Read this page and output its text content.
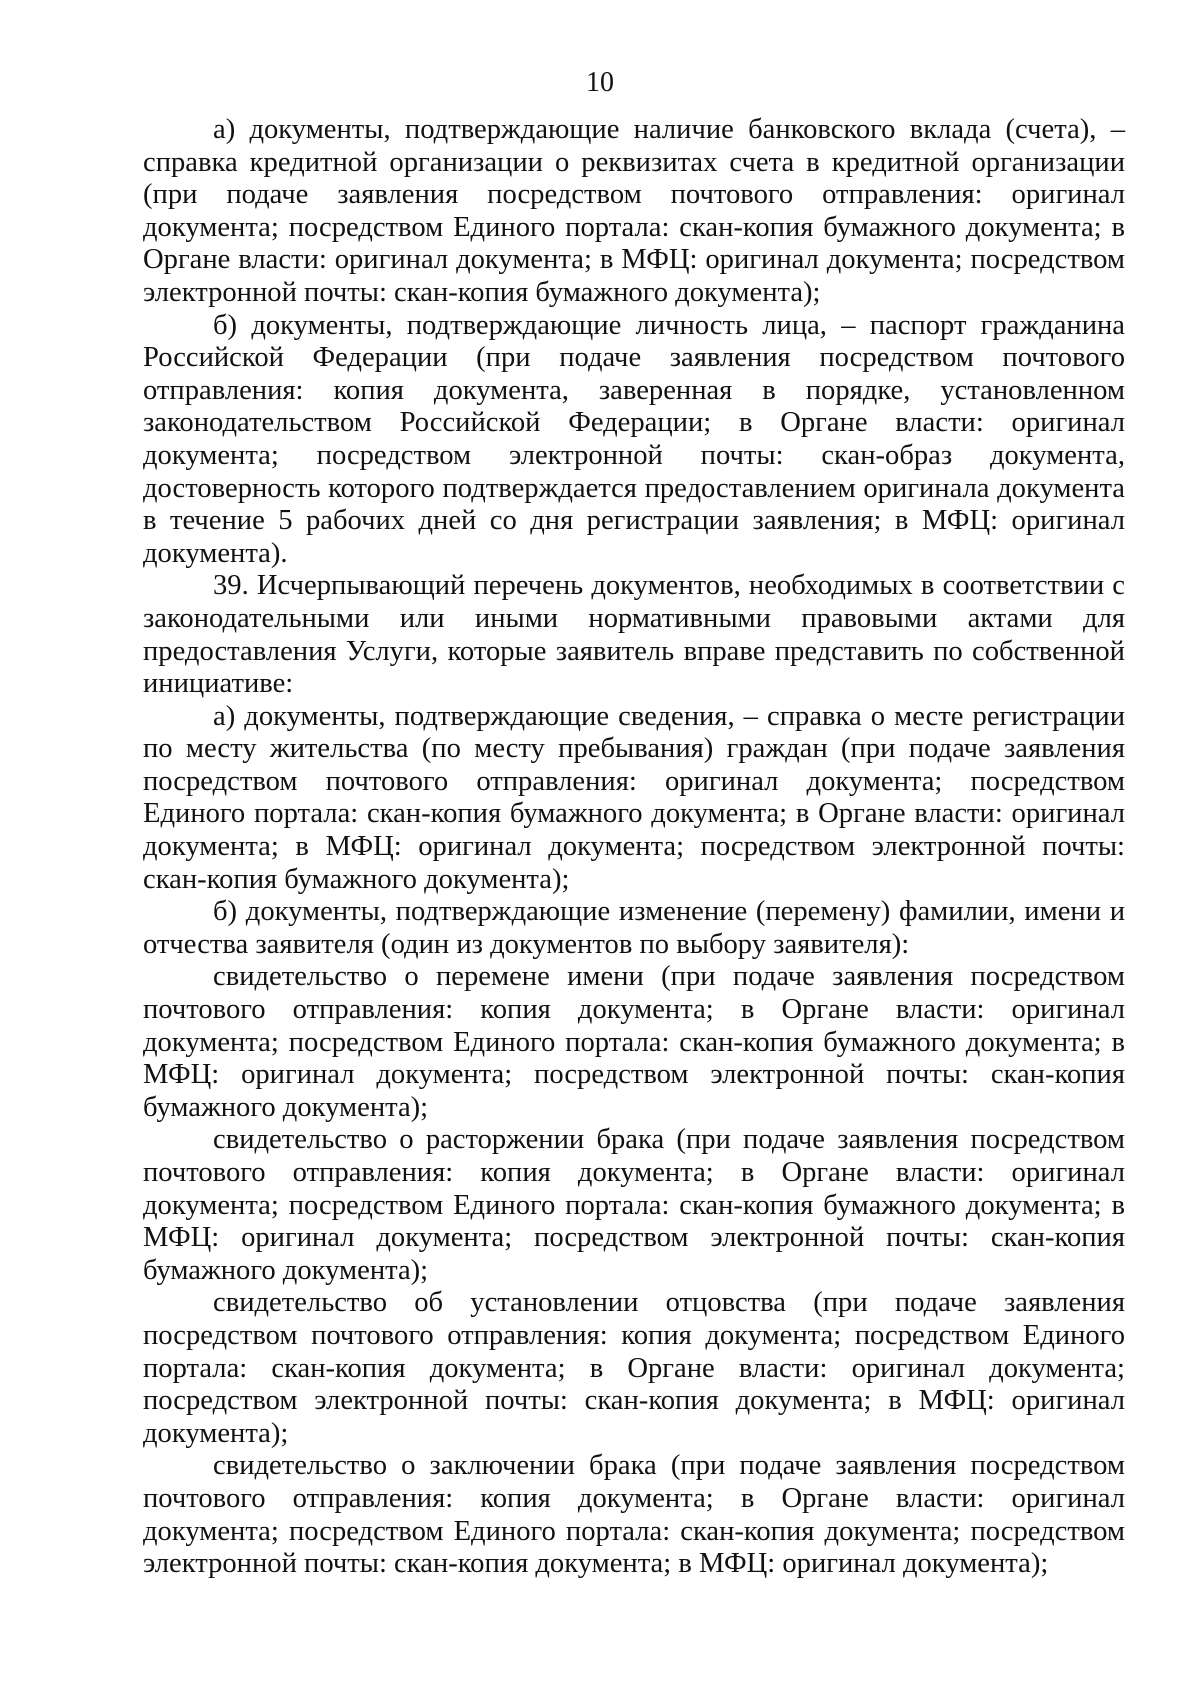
10

а) документы, подтверждающие наличие банковского вклада (счета), – справка кредитной организации о реквизитах счета в кредитной организации (при подаче заявления посредством почтового отправления: оригинал документа; посредством Единого портала: скан-копия бумажного документа; в Органе власти: оригинал документа; в МФЦ: оригинал документа; посредством электронной почты: скан-копия бумажного документа);

б) документы, подтверждающие личность лица, – паспорт гражданина Российской Федерации (при подаче заявления посредством почтового отправления: копия документа, заверенная в порядке, установленном законодательством Российской Федерации; в Органе власти: оригинал документа; посредством электронной почты: скан-образ документа, достоверность которого подтверждается предоставлением оригинала документа в течение 5 рабочих дней со дня регистрации заявления; в МФЦ: оригинал документа).

39. Исчерпывающий перечень документов, необходимых в соответствии с законодательными или иными нормативными правовыми актами для предоставления Услуги, которые заявитель вправе представить по собственной инициативе:

а) документы, подтверждающие сведения, – справка о месте регистрации по месту жительства (по месту пребывания) граждан (при подаче заявления посредством почтового отправления: оригинал документа; посредством Единого портала: скан-копия бумажного документа; в Органе власти: оригинал документа; в МФЦ: оригинал документа; посредством электронной почты: скан-копия бумажного документа);

б) документы, подтверждающие изменение (перемену) фамилии, имени и отчества заявителя (один из документов по выбору заявителя):

свидетельство о перемене имени (при подаче заявления посредством почтового отправления: копия документа; в Органе власти: оригинал документа; посредством Единого портала: скан-копия бумажного документа; в МФЦ: оригинал документа; посредством электронной почты: скан-копия бумажного документа);

свидетельство о расторжении брака (при подаче заявления посредством почтового отправления: копия документа; в Органе власти: оригинал документа; посредством Единого портала: скан-копия бумажного документа; в МФЦ: оригинал документа; посредством электронной почты: скан-копия бумажного документа);

свидетельство об установлении отцовства (при подаче заявления посредством почтового отправления: копия документа; посредством Единого портала: скан-копия документа; в Органе власти: оригинал документа; посредством электронной почты: скан-копия документа; в МФЦ: оригинал документа);

свидетельство о заключении брака (при подаче заявления посредством почтового отправления: копия документа; в Органе власти: оригинал документа; посредством Единого портала: скан-копия документа; посредством электронной почты: скан-копия документа; в МФЦ: оригинал документа);
